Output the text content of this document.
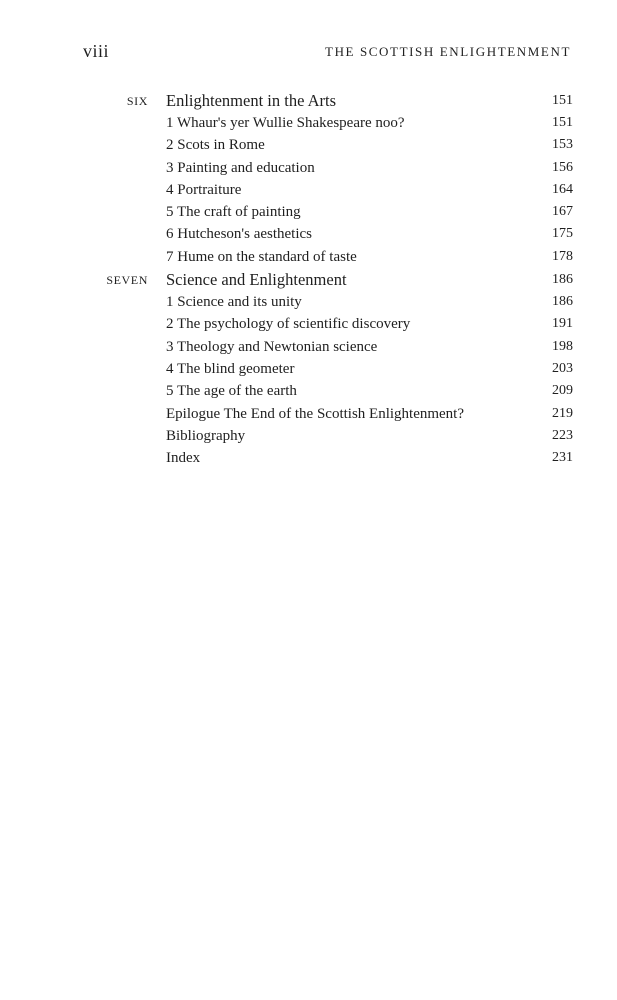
viii	THE SCOTTISH ENLIGHTENMENT
SIX Enlightenment in the Arts	151
1 Whaur's yer Wullie Shakespeare noo?	151
2 Scots in Rome	153
3 Painting and education	156
4 Portraiture	164
5 The craft of painting	167
6 Hutcheson's aesthetics	175
7 Hume on the standard of taste	178
SEVEN Science and Enlightenment	186
1 Science and its unity	186
2 The psychology of scientific discovery	191
3 Theology and Newtonian science	198
4 The blind geometer	203
5 The age of the earth	209
Epilogue The End of the Scottish Enlightenment?	219
Bibliography	223
Index	231
